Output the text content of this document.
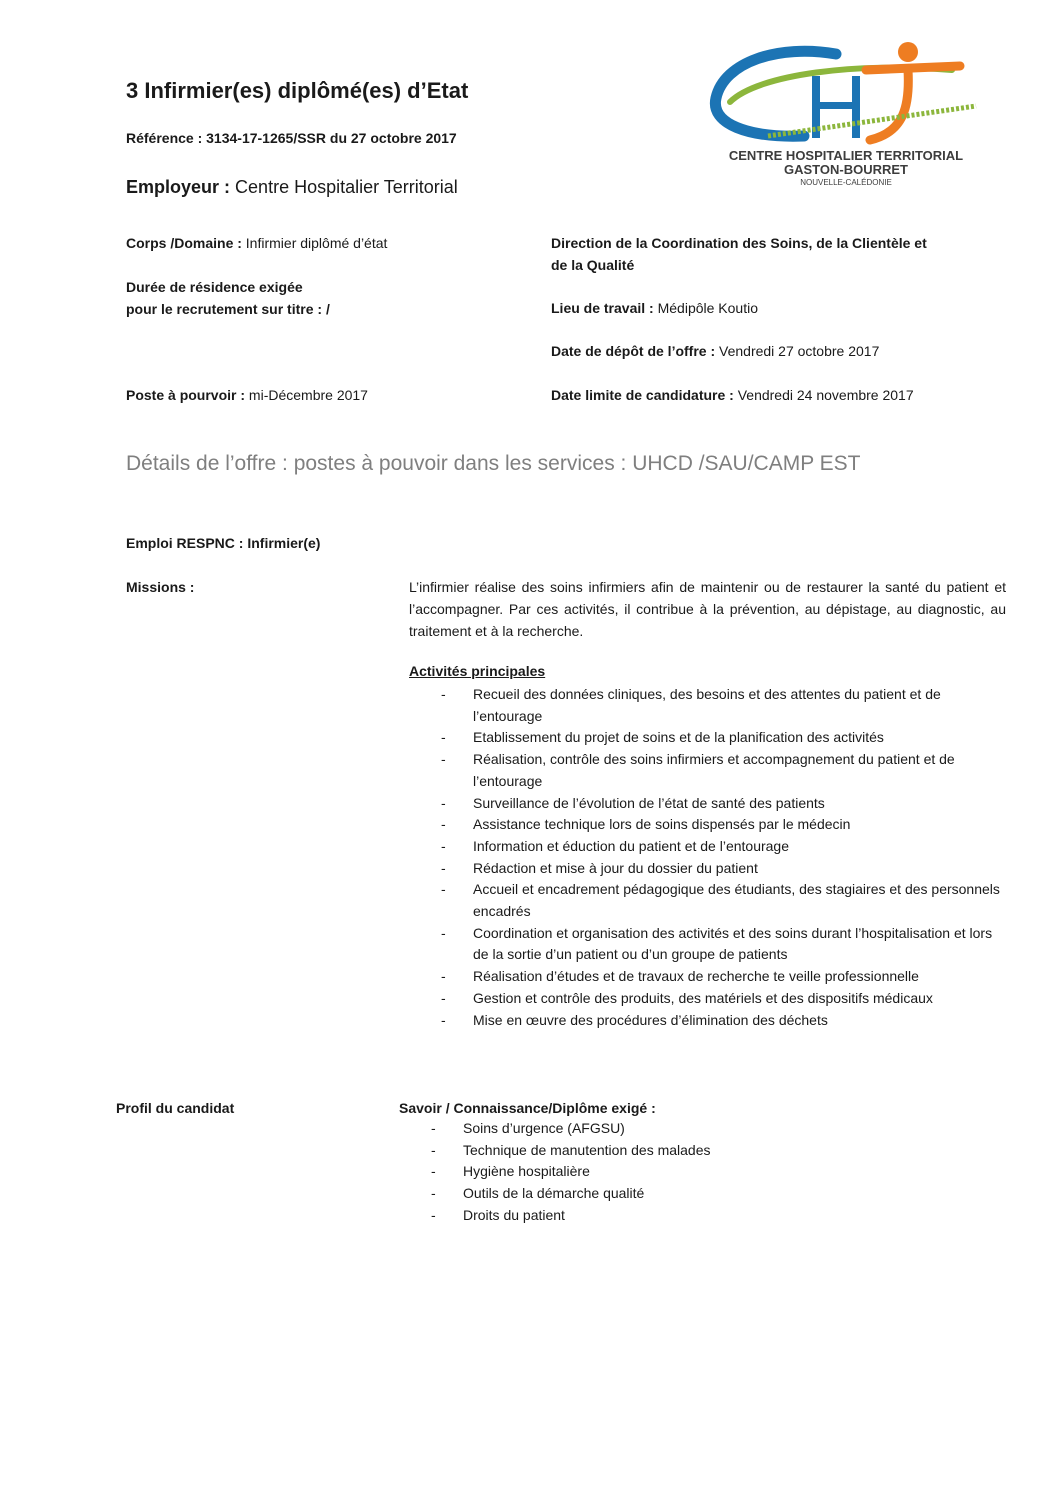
3 Infirmier(es) diplômé(es) d’Etat
Référence : 3134-17-1265/SSR du 27 octobre 2017
Employeur : Centre Hospitalier Territorial
CENTRE HOSPITALIER TERRITORIAL
GASTON-BOURRET
NOUVELLE-CALÉDONIE
Corps /Domaine : Infirmier diplômé d’état
Durée de résidence exigée
pour le recrutement sur titre : /
Poste à pourvoir : mi-Décembre 2017
Direction de la Coordination des Soins, de la Clientèle et
de la Qualité
Lieu de travail : Médipôle Koutio
Date de dépôt de l’offre : Vendredi 27 octobre 2017
Date limite de candidature : Vendredi 24 novembre 2017
Détails de l’offre : postes à pouvoir dans les services : UHCD /SAU/CAMP EST
Emploi RESPNC : Infirmier(e)
Missions :	L’infirmier réalise des soins infirmiers afin de maintenir ou de restaurer la santé du patient et l’accompagner. Par ces activités, il contribue à la prévention, au dépistage, au diagnostic, au traitement et à la recherche.
Activités principales
- Recueil des données cliniques, des besoins et des attentes du patient et de l’entourage
- Etablissement du projet de soins et de la planification des activités
- Réalisation, contrôle des soins infirmiers et accompagnement du patient et de l’entourage
- Surveillance de l’évolution de l’état de santé des patients
- Assistance technique lors de soins dispensés par le médecin
- Information et éduction du patient et de l’entourage
- Rédaction et mise à jour du dossier du patient
- Accueil et encadrement pédagogique des étudiants, des stagiaires et des personnels encadrés
- Coordination et organisation des activités et des soins durant l’hospitalisation et lors de la sortie d’un patient ou d’un groupe de patients
- Réalisation d’études et de travaux de recherche te veille professionnelle
- Gestion et contrôle des produits, des matériels et des dispositifs médicaux
- Mise en œuvre des procédures d’élimination des déchets
Profil du candidat	Savoir / Connaissance/Diplôme exigé :
- Soins d’urgence (AFGSU)
- Technique de manutention des malades
- Hygiène hospitalière
- Outils de la démarche qualité
- Droits du patient
